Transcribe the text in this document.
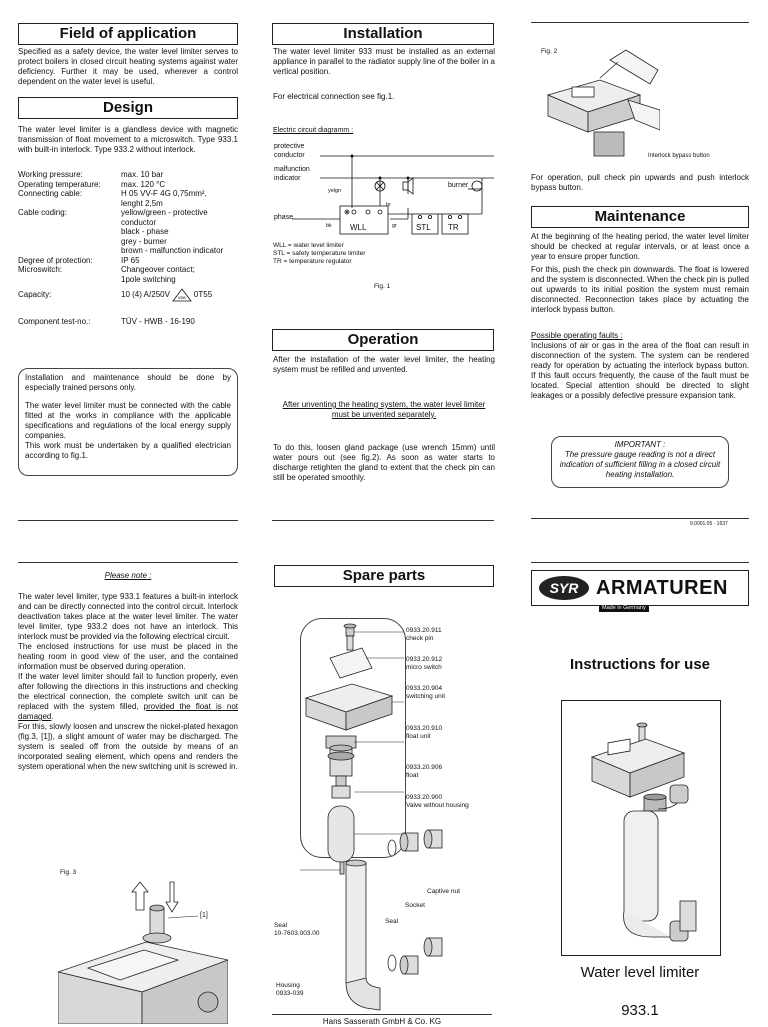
Field of application

Specified as a safety device, the water level limiter serves to protect boilers in closed circuit heating systems against water deficiency. Further it may be used, wherever a control dependent on the water level is useful.

Design

The water level limiter is a glandless device with magnetic transmission of float movement to a microswitch. Type 933.1 with built-in interlock. Type 933.2 without interlock.

Working pressure:	max. 10 bar
Operating temperature:	max. 120 °C
Connecting cable:	H 05 VV-F 4G 0,75mm²,
lenght 2,5m
Cable coding:	yellow/green - protective
conductor
black - phase
grey - burner
brown - malfunction indicator
Degree of protection:	IP 65
Microswitch:	Changeover contact;
1pole switching
Capacity:	10 (4) A/250V VDE 0T55
Component test-no.:	TÜV - HWB - 16-190

Installation and maintenance should be done by especially trained persons only.

The water level limiter must be connected with the cable fitted at the works in compliance with the applicable specifications and regulations of the local energy supply companies.

This work must be undertaken by a qualified electrician according to fig.1.

Installation

The water level limiter 933 must be installed as an external appliance in parallel to the radiator supply line of the boiler in a vertical position.

For electrical connection see fig.1.

Electric circuit diagramm :

protective
conductor
malfunction
indicator
yelgn
burner
phase
br
gr
bk WLL	STL TR
WLL = water level limiter
STL = safety temperature limiter
TR = temperature regulator
Fig. 1
Operation

After the installation of the water level limiter, the heating system must be refilled and unvented.

After unventing the heating system, the water level limiter must be unvented separately.

To do this, loosen gland package (use wrench 15mm) until water pours out (see fig.2). As soon as water starts to discharge retighten the gland to extent that the check pin can still be operated smoothly.

Fig. 2
Interlock bypass button

For operation, pull check pin upwards and push interlock bypass button.

Maintenance

At the beginning of the heating period, the water level limiter should be checked at regular intervals, or at least once a year to ensure proper function.

For this, push the check pin downwards. The float is lowered and the system is disconnected. When the check pin is pulled out upwards to its initial position the system must remain disconnected. Reconnection takes place by actuating the interlock bypass button.

Possible operating faults :

Inclusions of air or gas in the area of the float can result in disconnection of the system. The system can be rendered ready for operation by actuating the interlock bypass button. If this fault occurs frequently, the cause of the fault must be located. Special attention should be directed to slight leakages or a possibly defective pressure expansion tank.

IMPORTANT :
The pressure gauge reading is not a direct indication of sufficient filling in a closed circuit heating installation.
9.0001.05 · 1637

Please note :

The water level limiter, type 933.1 features a built-in interlock and can be directly connected into the control circuit. Interlock deactivation takes place at the water level limiter. The water level limiter, type 933.2 does not have an interlock. This interlock must be provided via the following electrical circuit.

The enclosed instructions for use must be placed in the heating room in good view of the user, and the contained information must be observed during operation.

If the water level limiter should fail to function properly, even after following the directions in this instructions and checking the electrical connection, the complete switch unit can be replaced with the system filled, provided the float is not damaged.

For this, slowly loosen and unscrew the nickel-plated hexagon (fig.3, [1]), a slight amount of water may be discharged. The system is sealed off from the outside by means of an incorporated sealing element, which opens and renders the system operational when the new switching unit is screwed in.

Fig. 3
[1]
Spare parts
0933.20.911
check pin
0933.20.912
micro switch
0933.20.904
switching unit
0933.20.910
float unit
0933.20.906
float
0933.20.900
Valve without housing
Seal
10-7603.003.00
Seal
Socket
Captive nut
Housing
0933-039
Hans Sasserath GmbH & Co. KG
SYR ARMATUREN
Made in Germany
Instructions for use
Water level limiter
933.1
